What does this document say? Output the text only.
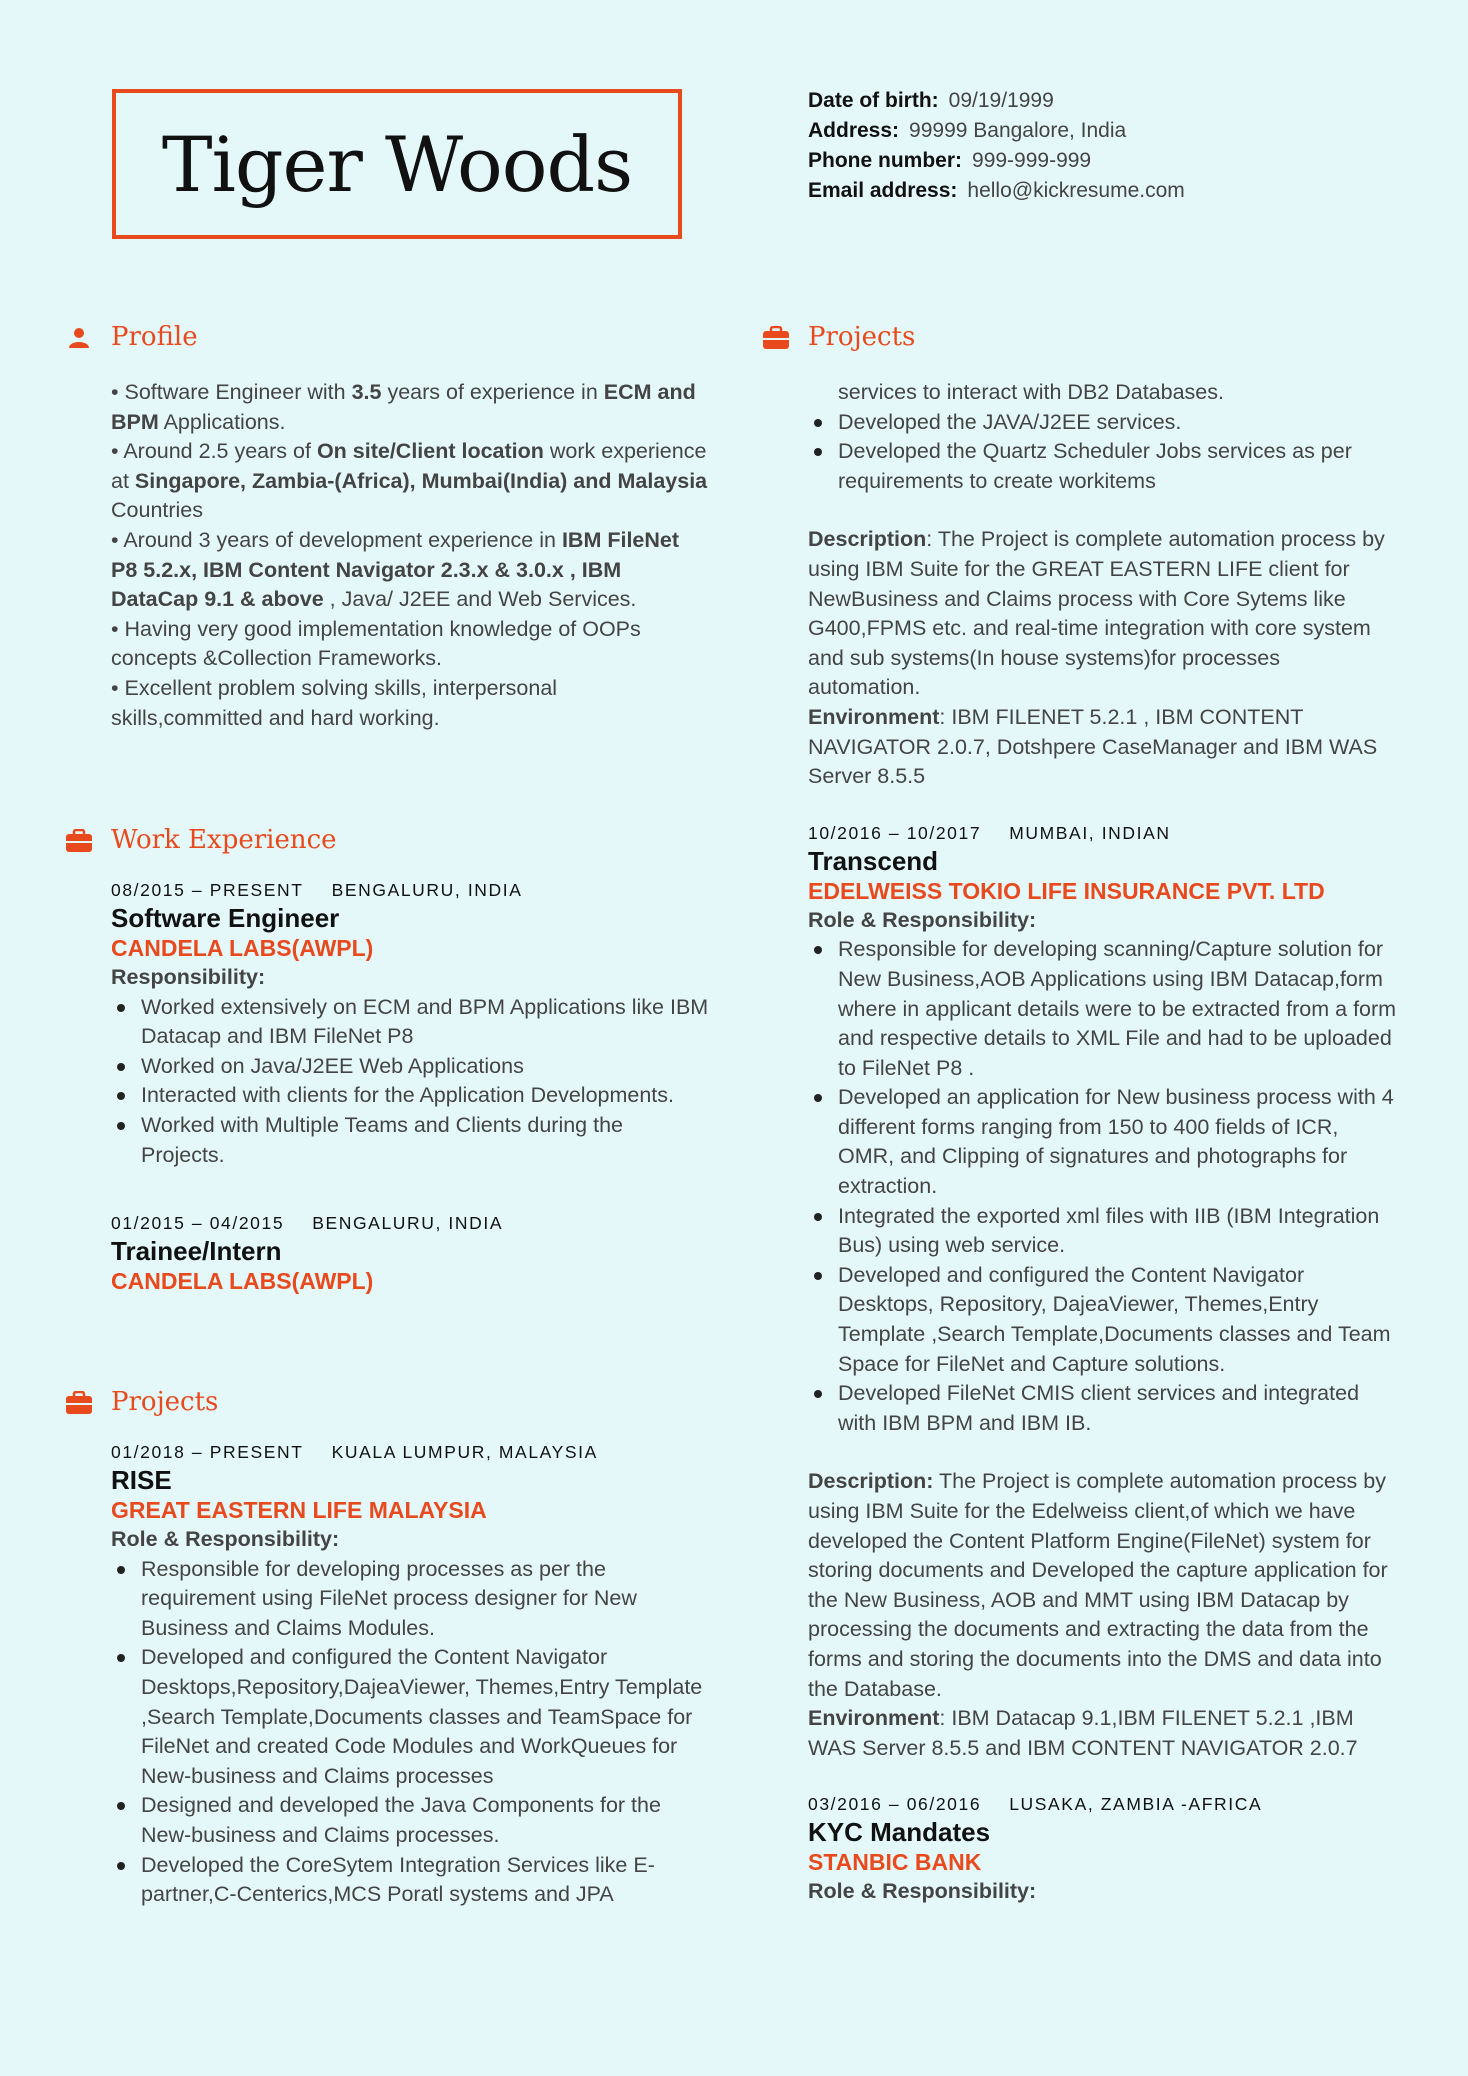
Tiger Woods
Date of birth: 09/19/1999
Address: 99999 Bangalore, India
Phone number: 999-999-999
Email address: hello@kickresume.com
Profile

• Software Engineer with 3.5 years of experience in ECM and BPM Applications.

• Around 2.5 years of On site/Client location work experience at Singapore, Zambia-(Africa), Mumbai(India) and Malaysia Countries

• Around 3 years of development experience in IBM FileNet P8 5.2.x, IBM Content Navigator 2.3.x & 3.0.x , IBM DataCap 9.1 & above , Java/ J2EE and Web Services.

• Having very good implementation knowledge of OOPs concepts &Collection Frameworks.

• Excellent problem solving skills, interpersonal skills,committed and hard working.

Work Experience
08/2015 – PRESENT BENGALURU, INDIA
Software Engineer
CANDELA LABS(AWPL)
Responsibility:
Worked extensively on ECM and BPM Applications like IBM Datacap and IBM FileNet P8
Worked on Java/J2EE Web Applications
Interacted with clients for the Application Developments.
Worked with Multiple Teams and Clients during the Projects.
01/2015 – 04/2015 BENGALURU, INDIA
Trainee/Intern
CANDELA LABS(AWPL)
Projects
01/2018 – PRESENT KUALA LUMPUR, MALAYSIA
RISE
GREAT EASTERN LIFE MALAYSIA
Role & Responsibility:
Responsible for developing processes as per the requirement using FileNet process designer for New Business and Claims Modules.
Developed and configured the Content Navigator Desktops,Repository,DajeaViewer, Themes,Entry Template ,Search Template,Documents classes and TeamSpace for FileNet and created Code Modules and WorkQueues for New-business and Claims processes
Designed and developed the Java Components for the New-business and Claims processes.
Developed the CoreSytem Integration Services like E-partner,C-Centerics,MCS Poratl systems and JPA
Projects
services to interact with DB2 Databases.
Developed the JAVA/J2EE services.
Developed the Quartz Scheduler Jobs services as per requirements to create workitems

Description: The Project is complete automation process by using IBM Suite for the GREAT EASTERN LIFE client for NewBusiness and Claims process with Core Sytems like G400,FPMS etc. and real-time integration with core system and sub systems(In house systems)for processes automation.

Environment: IBM FILENET 5.2.1 , IBM CONTENT NAVIGATOR 2.0.7, Dotshpere CaseManager and IBM WAS Server 8.5.5

10/2016 – 10/2017 MUMBAI, INDIAN
Transcend
EDELWEISS TOKIO LIFE INSURANCE PVT. LTD
Role & Responsibility:
Responsible for developing scanning/Capture solution for New Business,AOB Applications using IBM Datacap,form where in applicant details were to be extracted from a form and respective details to XML File and had to be uploaded to FileNet P8 .
Developed an application for New business process with 4 different forms ranging from 150 to 400 fields of ICR, OMR, and Clipping of signatures and photographs for extraction.
Integrated the exported xml files with IIB (IBM Integration Bus) using web service.
Developed and configured the Content Navigator Desktops, Repository, DajeaViewer, Themes,Entry Template ,Search Template,Documents classes and Team Space for FileNet and Capture solutions.
Developed FileNet CMIS client services and integrated with IBM BPM and IBM IB.

Description: The Project is complete automation process by using IBM Suite for the Edelweiss client,of which we have developed the Content Platform Engine(FileNet) system for storing documents and Developed the capture application for the New Business, AOB and MMT using IBM Datacap by processing the documents and extracting the data from the forms and storing the documents into the DMS and data into the Database.

Environment: IBM Datacap 9.1,IBM FILENET 5.2.1 ,IBM WAS Server 8.5.5 and IBM CONTENT NAVIGATOR 2.0.7

03/2016 – 06/2016 LUSAKA, ZAMBIA -AFRICA
KYC Mandates
STANBIC BANK
Role & Responsibility:
